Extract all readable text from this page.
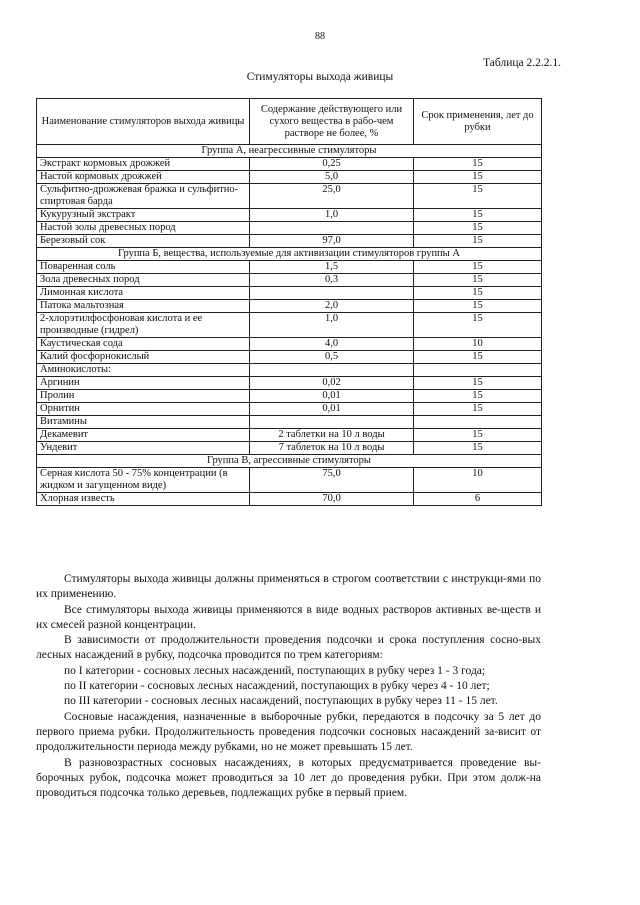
88
Таблица 2.2.2.1.
Стимуляторы выхода живицы
Наименование стимуляторов выхода живицы	Содержание действующего или сухого вещества в рабо-чем растворе не более, %	Срок применения, лет до рубки
Группа А, неагрессивные стимуляторы		
Экстракт кормовых дрожжей	0,25	15
Настой кормовых дрожжей	5,0	15
Сульфитно-дрожжевая бражка и сульфитно-спиртовая барда	25,0	15
Кукурузный экстракт	1,0	15
Настой золы древесных пород		15
Березовый сок	97,0	15
Группа Б, вещества, используемые для активизации стимуляторов группы А		
Поваренная соль	1,5	15
Зола древесных пород	0,3	15
Лимонная кислота		15
Патока мальтозная	2,0	15
2-хлорэтилфосфоновая кислота и ее производные (гидрел)	1,0	15
Каустическая сода	4,0	10
Калий фосфорнокислый	0,5	15
Аминокислоты:		
Аргинин	0,02	15
Пролин	0,01	15
Орнитин	0,01	15
Витамины		
Декамевит	2 таблетки на 10 л воды	15
Ундевит	7 таблеток на 10 л воды	15
Группа В, агрессивные стимуляторы		
Серная кислота 50 - 75% концентрации (в жидком и загущенном виде)	75,0	10
Хлорная известь	70,0	6

Стимуляторы выхода живицы должны применяться в строгом соответствии с инструкци-ями по их применению.

Все стимуляторы выхода живицы применяются в виде водных растворов активных ве-ществ и их смесей разной концентрации.

В зависимости от продолжительности проведения подсочки и срока поступления сосно-вых лесных насаждений в рубку, подсочка проводится по трем категориям:

по I категории - сосновых лесных насаждений, поступающих в рубку через 1 - 3 года;

по II категории - сосновых лесных насаждений, поступающих в рубку через 4 - 10 лет;

по III категории - сосновых лесных насаждений, поступающих в рубку через 11 - 15 лет.

Сосновые насаждения, назначенные в выборочные рубки, передаются в подсочку за 5 лет до первого приема рубки. Продолжительность проведения подсочки сосновых насаждений за-висит от продолжительности периода между рубками, но не может превышать 15 лет.

В разновозрастных сосновых насаждениях, в которых предусматривается проведение вы-борочных рубок, подсочка может проводиться за 10 лет до проведения рубки. При этом долж-на проводиться подсочка только деревьев, подлежащих рубке в первый прием.
